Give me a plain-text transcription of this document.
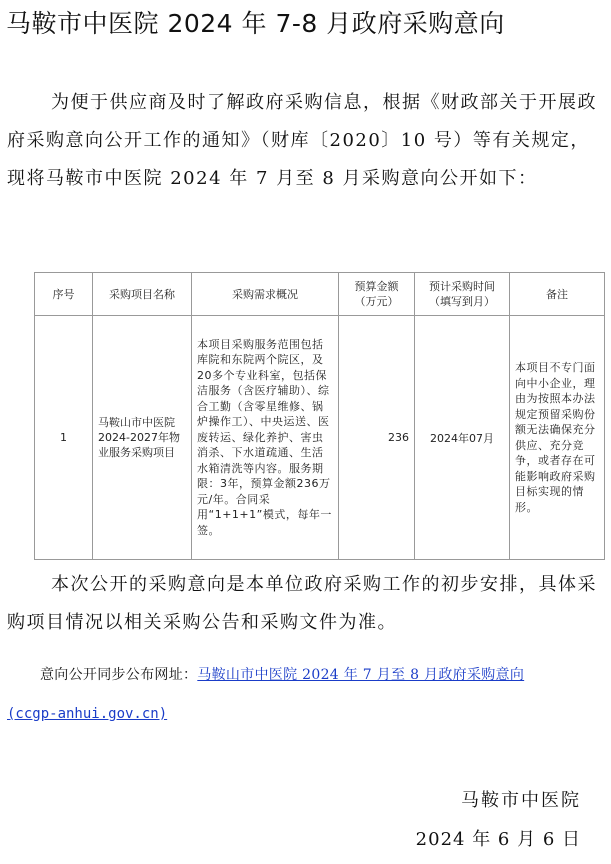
马鞍市中医院 2024 年 7-8 月政府采购意向
为便于供应商及时了解政府采购信息，根据《财政部关于开展政府采购意向公开工作的通知》（财库〔2020〕10 号）等有关规定，现将马鞍市中医院 2024 年 7 月至 8 月采购意向公开如下：
序号	采购项目名称	采购需求概况	预算金额（万元）	预计采购时间（填写到月）	备注
1	马鞍山市中医院2024-2027年物业服务采购项目	本项目采购服务范围包括库院和东院两个院区，及20多个专业科室，包括保洁服务（含医疗辅助）、综合工勤（含零星维修、锅炉操作工）、中央运送、医废转运、绿化养护、害虫消杀、下水道疏通、生活水箱清洗等内容。服务期限：3年，预算金额236万元/年。合同采用“1+1+1”模式，每年一签。	236	2024年07月	本项目不专门面向中小企业，理由为按照本办法规定预留采购份额无法确保充分供应、充分竞争，或者存在可能影响政府采购目标实现的情形。
本次公开的采购意向是本单位政府采购工作的初步安排，具体采购项目情况以相关采购公告和采购文件为准。
意向公开同步公布网址：马鞍山市中医院 2024 年 7 月至 8 月政府采购意向
(ccgp-anhui.gov.cn)
马鞍市中医院
2024 年 6 月 6 日
